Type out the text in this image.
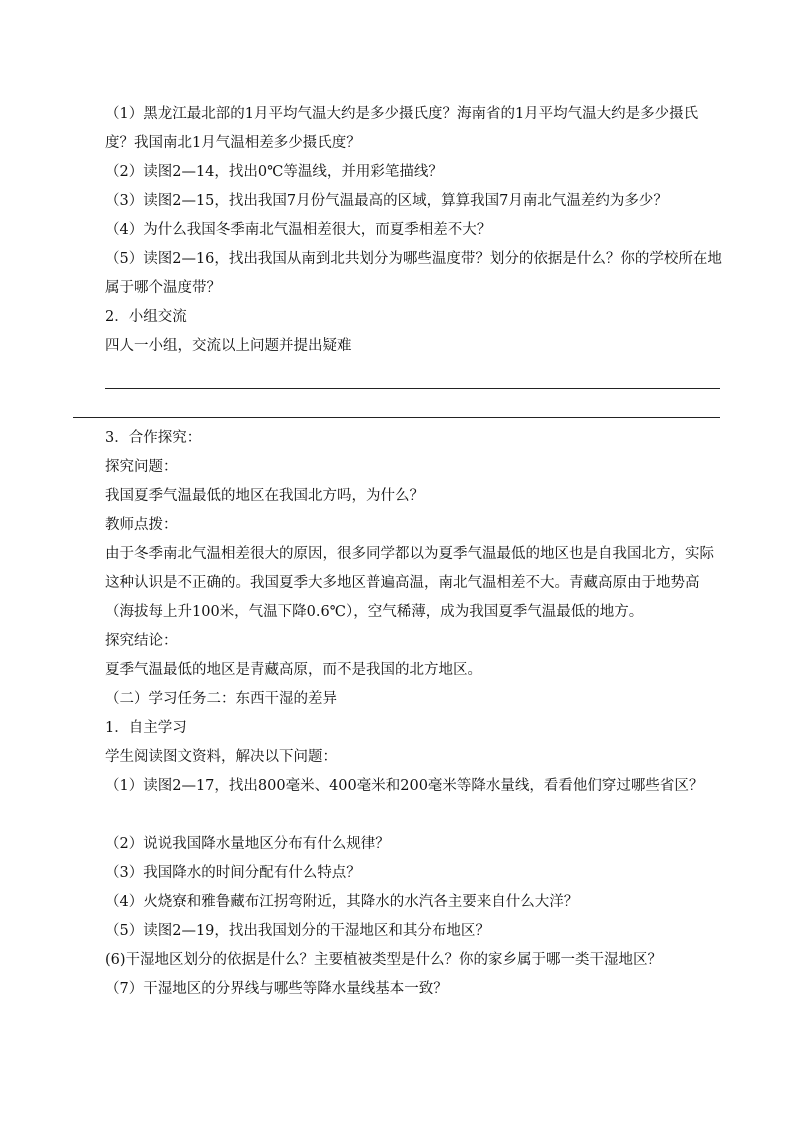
（1）黑龙江最北部的1月平均气温大约是多少摄氏度？海南省的1月平均气温大约是多少摄氏度？我国南北1月气温相差多少摄氏度？
（2）读图2—14，找出0℃等温线，并用彩笔描线？
（3）读图2—15，找出我国7月份气温最高的区域，算算我国7月南北气温差约为多少？
（4）为什么我国冬季南北气温相差很大，而夏季相差不大？
（5）读图2—16，找出我国从南到北共划分为哪些温度带？划分的依据是什么？你的学校所在地属于哪个温度带？
2．小组交流
四人一小组，交流以上问题并提出疑难
3．合作探究：
探究问题：
我国夏季气温最低的地区在我国北方吗，为什么？
教师点拨：
由于冬季南北气温相差很大的原因，很多同学都以为夏季气温最低的地区也是自我国北方，实际这种认识是不正确的。我国夏季大多地区普遍高温，南北气温相差不大。青藏高原由于地势高（海拔每上升100米，气温下降0.6℃），空气稀薄，成为我国夏季气温最低的地方。
探究结论：
夏季气温最低的地区是青藏高原，而不是我国的北方地区。
（二）学习任务二：东西干湿的差异
1．自主学习
学生阅读图文资料，解决以下问题：
（1）读图2—17，找出800毫米、400毫米和200毫米等降水量线，看看他们穿过哪些省区？
（2）说说我国降水量地区分布有什么规律？
（3）我国降水的时间分配有什么特点？
（4）火烧寮和雅鲁藏布江拐弯附近，其降水的水汽各主要来自什么大洋？
（5）读图2—19，找出我国划分的干湿地区和其分布地区？
(6)干湿地区划分的依据是什么？主要植被类型是什么？你的家乡属于哪一类干湿地区？
（7）干湿地区的分界线与哪些等降水量线基本一致？
